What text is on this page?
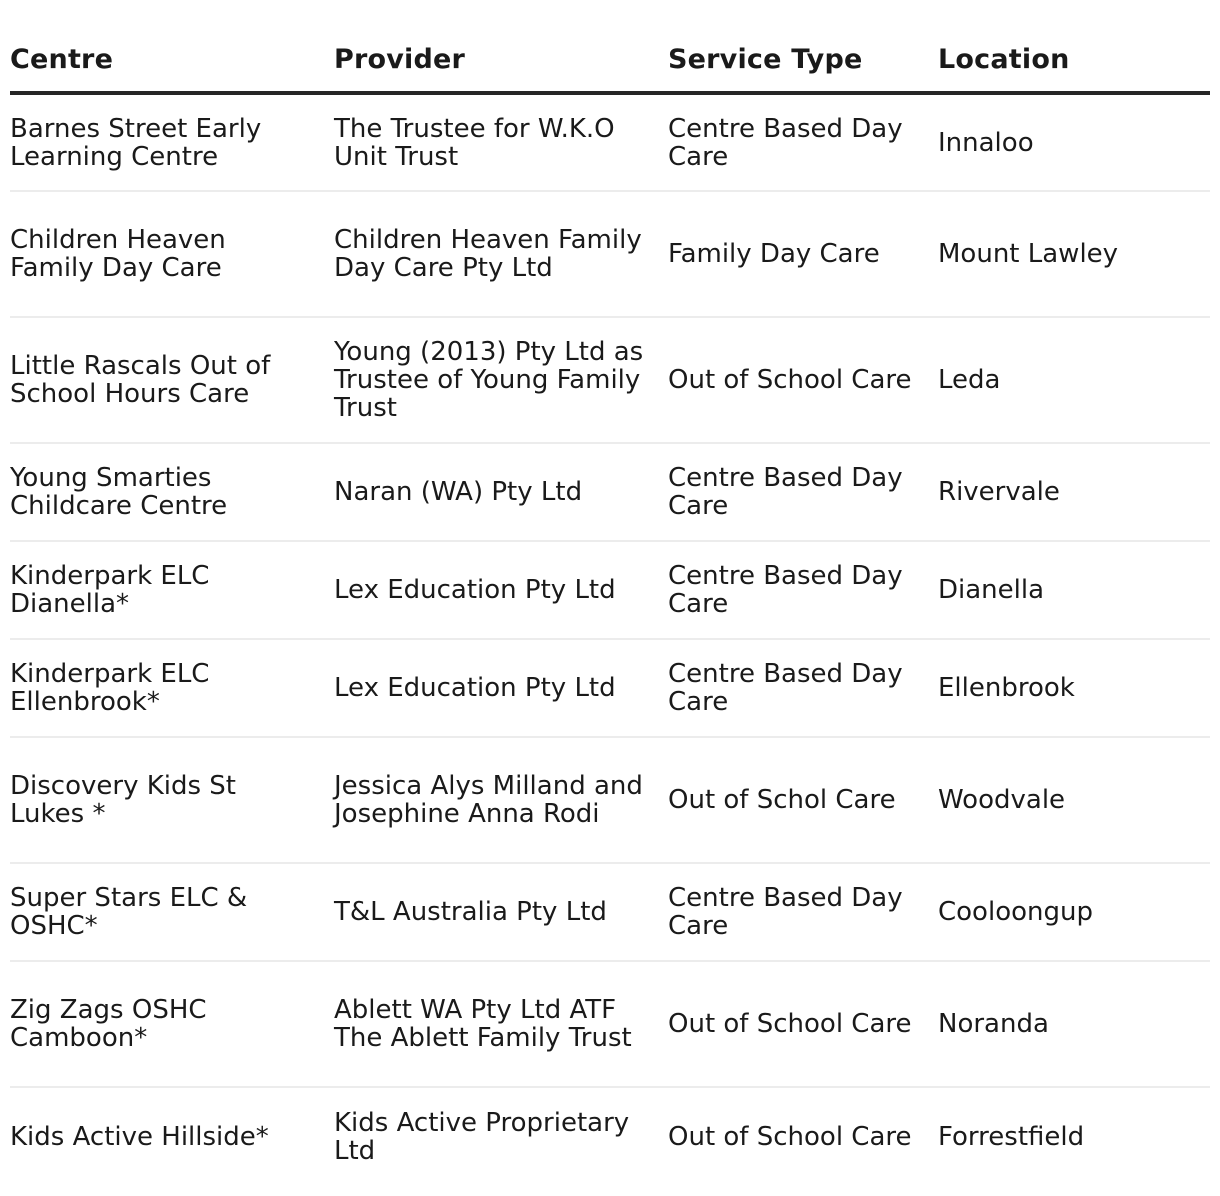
Centre	Provider	Service Type	Location
Barnes Street Early Learning Centre	The Trustee for W.K.O Unit Trust	Centre Based Day Care	Innaloo
Children Heaven Family Day Care	Children Heaven Family Day Care Pty Ltd	Family Day Care	Mount Lawley
Little Rascals Out of School Hours Care	Young (2013) Pty Ltd as Trustee of Young Family Trust	Out of School Care	Leda
Young Smarties Childcare Centre	Naran (WA) Pty Ltd	Centre Based Day Care	Rivervale
Kinderpark ELC Dianella*	Lex Education Pty Ltd	Centre Based Day Care	Dianella
Kinderpark ELC Ellenbrook*	Lex Education Pty Ltd	Centre Based Day Care	Ellenbrook
Discovery Kids St Lukes *	Jessica Alys Milland and Josephine Anna Rodi	Out of Schol Care	Woodvale
Super Stars ELC & OSHC*	T&L Australia Pty Ltd	Centre Based Day Care	Cooloongup
Zig Zags OSHC Camboon*	Ablett WA Pty Ltd ATF The Ablett Family Trust	Out of School Care	Noranda
Kids Active Hillside*	Kids Active Proprietary Ltd	Out of School Care	Forrestfield
